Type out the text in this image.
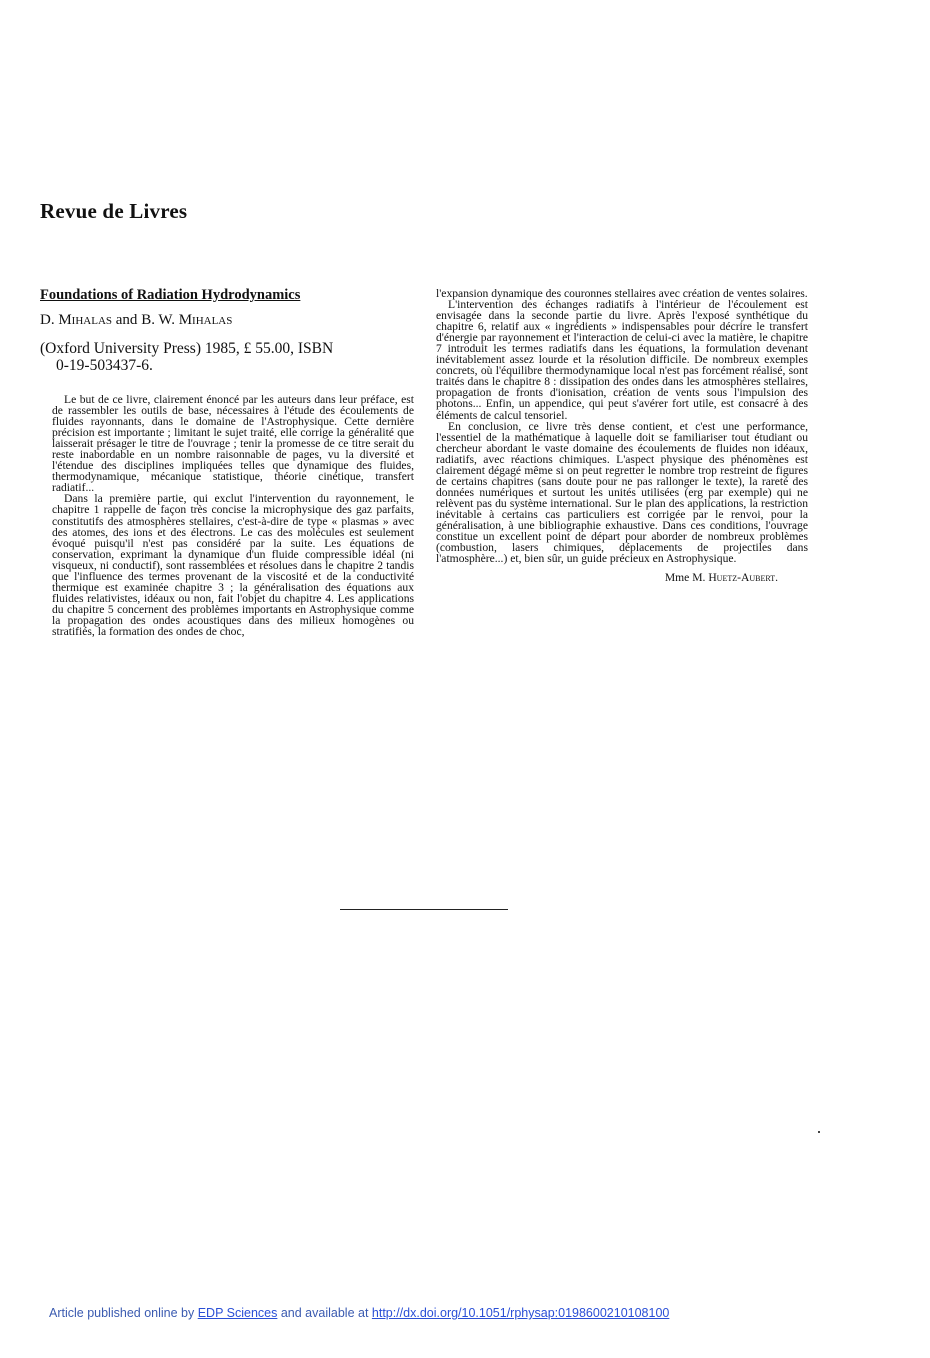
Revue de Livres
Foundations of Radiation Hydrodynamics

D. Mihalas and B. W. Mihalas

(Oxford University Press) 1985, £ 55.00, ISBN
0-19-503437-6.

Le but de ce livre, clairement énoncé par les auteurs dans leur préface, est de rassembler les outils de base, nécessaires à l'étude des écoulements de fluides rayonnants, dans le domaine de l'Astrophysique. Cette dernière précision est importante ; limitant le sujet traité, elle corrige la généralité que laisserait présager le titre de l'ouvrage ; tenir la promesse de ce titre serait du reste inabordable en un nombre raisonnable de pages, vu la diversité et l'étendue des disciplines impliquées telles que dynamique des fluides, thermodynamique, mécanique statistique, théorie cinétique, transfert radiatif...

Dans la première partie, qui exclut l'intervention du rayonnement, le chapitre 1 rappelle de façon très concise la microphysique des gaz parfaits, constitutifs des atmosphères stellaires, c'est-à-dire de type « plasmas » avec des atomes, des ions et des électrons. Le cas des molécules est seulement évoqué puisqu'il n'est pas considéré par la suite. Les équations de conservation, exprimant la dynamique d'un fluide compressible idéal (ni visqueux, ni conductif), sont rassemblées et résolues dans le chapitre 2 tandis que l'influence des termes provenant de la viscosité et de la conductivité thermique est examinée chapitre 3 ; la généralisation des équations aux fluides relativistes, idéaux ou non, fait l'objet du chapitre 4. Les applications du chapitre 5 concernent des problèmes importants en Astrophysique comme la propagation des ondes acoustiques dans des milieux homogènes ou stratifiés, la formation des ondes de choc,

l'expansion dynamique des couronnes stellaires avec création de ventes solaires.

L'intervention des échanges radiatifs à l'intérieur de l'écoulement est envisagée dans la seconde partie du livre. Après l'exposé synthétique du chapitre 6, relatif aux « ingrédients » indispensables pour décrire le transfert d'énergie par rayonnement et l'interaction de celui-ci avec la matière, le chapitre 7 introduit les termes radiatifs dans les équations, la formulation devenant inévitablement assez lourde et la résolution difficile. De nombreux exemples concrets, où l'équilibre thermodynamique local n'est pas forcément réalisé, sont traités dans le chapitre 8 : dissipation des ondes dans les atmosphères stellaires, propagation de fronts d'ionisation, création de vents sous l'impulsion des photons... Enfin, un appendice, qui peut s'avérer fort utile, est consacré à des éléments de calcul tensoriel.

En conclusion, ce livre très dense contient, et c'est une performance, l'essentiel de la mathématique à laquelle doit se familiariser tout étudiant ou chercheur abordant le vaste domaine des écoulements de fluides non idéaux, radiatifs, avec réactions chimiques. L'aspect physique des phénomènes est clairement dégagé même si on peut regretter le nombre trop restreint de figures de certains chapitres (sans doute pour ne pas rallonger le texte), la rareté des données numériques et surtout les unités utilisées (erg par exemple) qui ne relèvent pas du système international. Sur le plan des applications, la restriction inévitable à certains cas particuliers est corrigée par le renvoi, pour la généralisation, à une bibliographie exhaustive. Dans ces conditions, l'ouvrage constitue un excellent point de départ pour aborder de nombreux problèmes (combustion, lasers chimiques, déplacements de projectiles dans l'atmosphère...) et, bien sûr, un guide précieux en Astrophysique.

Mme M. Huetz-Aubert.

Article published online by EDP Sciences and available at http://dx.doi.org/10.1051/rphysap:0198600210108100
